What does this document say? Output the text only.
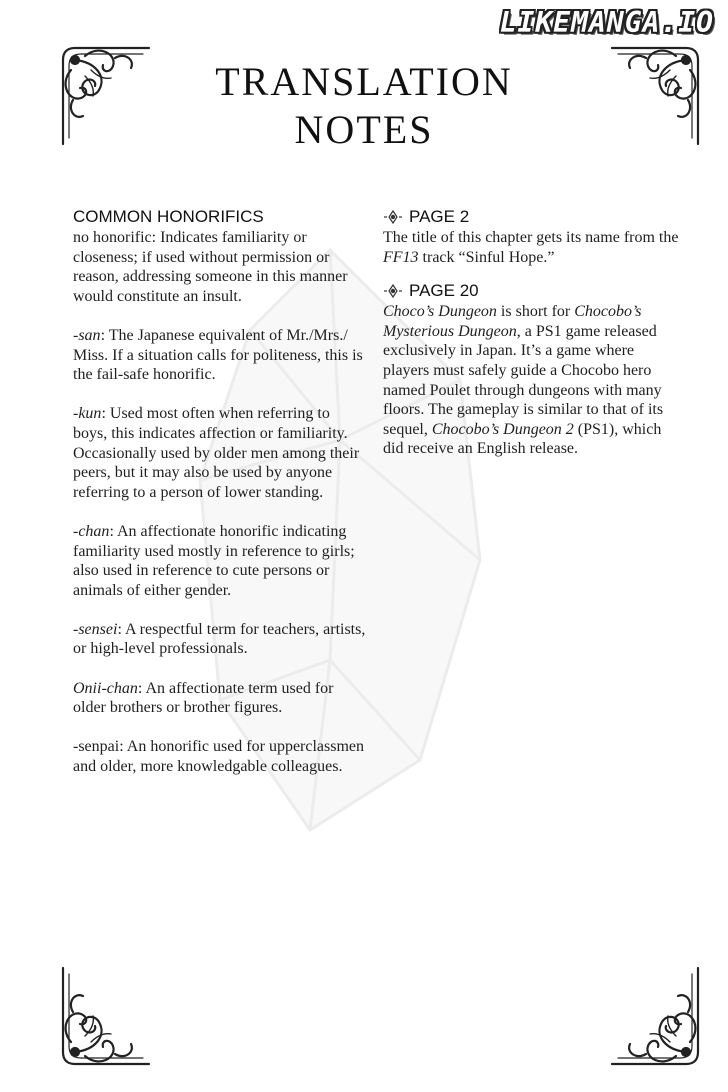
LIKEMANGA.IO
TRANSLATION
NOTES
COMMON HONORIFICS

no honorific: Indicates familiarity or closeness; if used without permission or reason, addressing someone in this manner would constitute an insult.

-san: The Japanese equivalent of Mr./Mrs./ Miss. If a situation calls for politeness, this is the fail-safe honorific.

-kun: Used most often when referring to boys, this indicates affection or familiarity. Occasionally used by older men among their peers, but it may also be used by anyone referring to a person of lower standing.

-chan: An affectionate honorific indicating familiarity used mostly in reference to girls; also used in reference to cute persons or animals of either gender.

-sensei: A respectful term for teachers, artists, or high-level professionals.

Onii-chan: An affectionate term used for older brothers or brother figures.

-senpai: An honorific used for upperclassmen and older, more knowledgable colleagues.

PAGE 2
The title of this chapter gets its name from the FF13 track “Sinful Hope.”
PAGE 20
Choco’s Dungeon is short for Chocobo’s Mysterious Dungeon, a PS1 game released exclusively in Japan. It’s a game where players must safely guide a Chocobo hero named Poulet through dungeons with many floors. The gameplay is similar to that of its sequel, Chocobo’s Dungeon 2 (PS1), which did receive an English release.
